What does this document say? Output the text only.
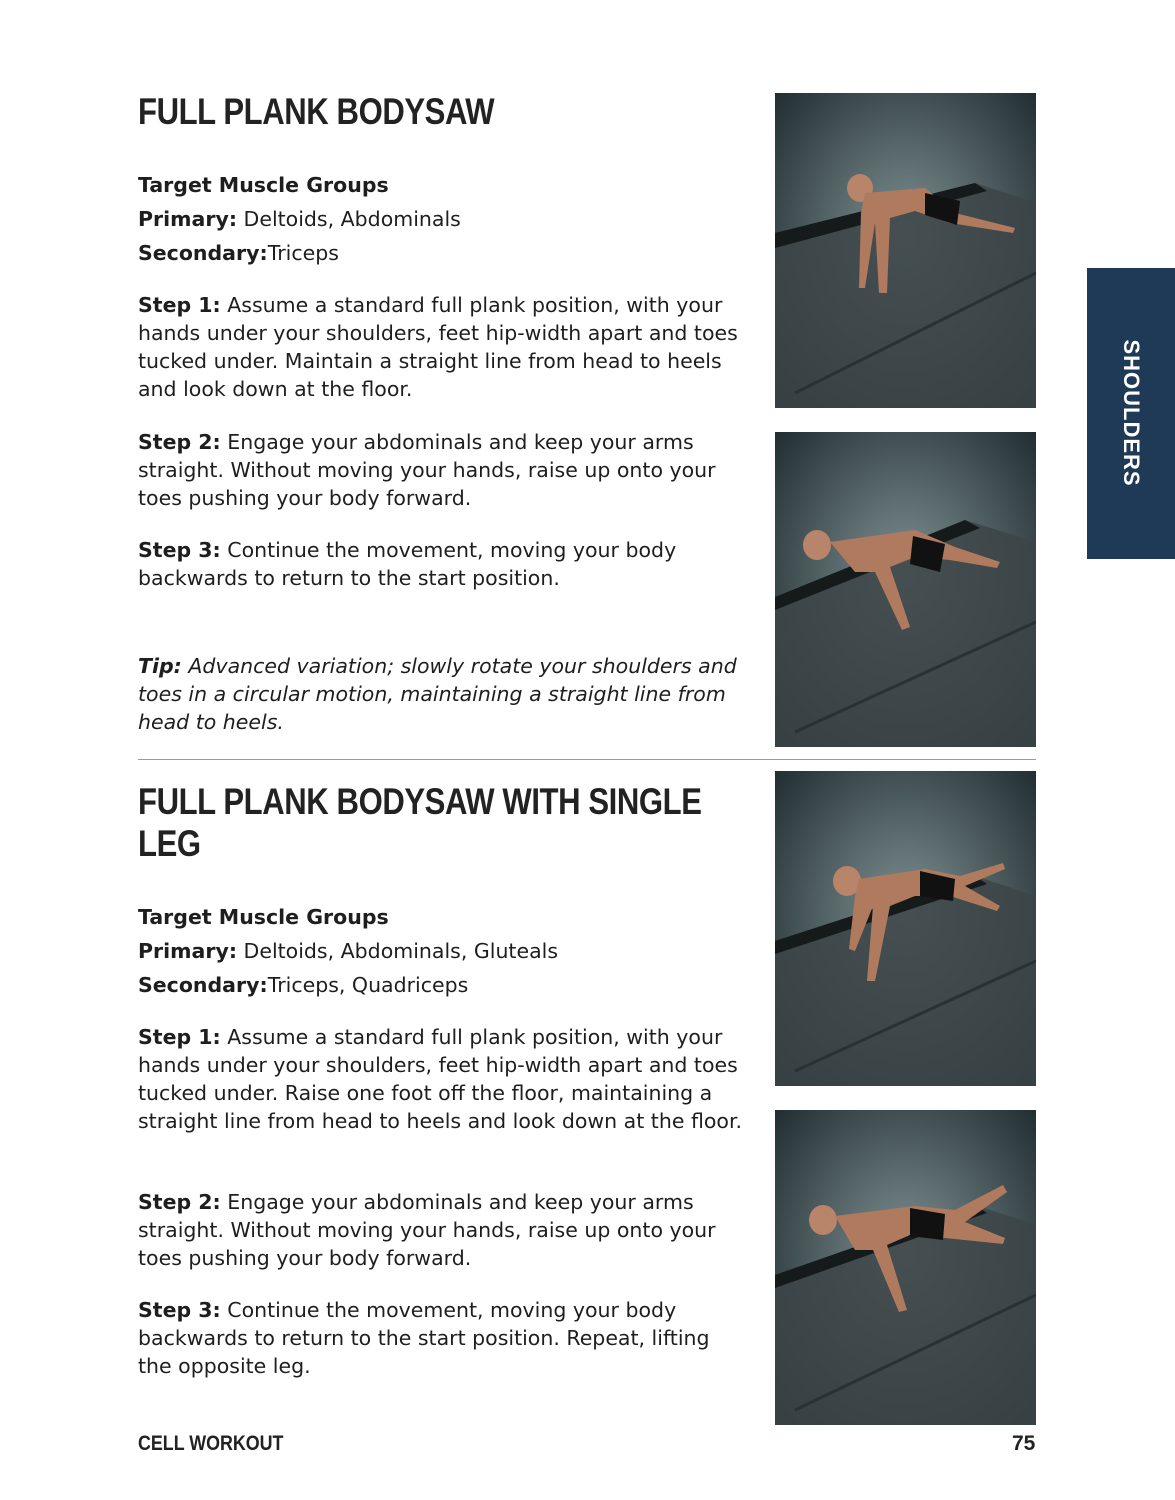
FULL PLANK BODYSAW
Target Muscle Groups
Primary: Deltoids, Abdominals
Secondary:Triceps

Step 1: Assume a standard full plank position, with your hands under your shoulders, feet hip-width apart and toes tucked under. Maintain a straight line from head to heels and look down at the floor.

Step 2: Engage your abdominals and keep your arms straight. Without moving your hands, raise up onto your toes pushing your body forward.

Step 3: Continue the movement, moving your body backwards to return to the start position.

Tip: Advanced variation; slowly rotate your shoulders and toes in a circular motion, maintaining a straight line from head to heels.

FULL PLANK BODYSAW WITH SINGLE LEG
Target Muscle Groups
Primary: Deltoids, Abdominals, Gluteals
Secondary:Triceps, Quadriceps

Step 1: Assume a standard full plank position, with your hands under your shoulders, feet hip-width apart and toes tucked under. Raise one foot off the floor, maintaining a straight line from head to heels and look down at the floor.

Step 2: Engage your abdominals and keep your arms straight. Without moving your hands, raise up onto your toes pushing your body forward.

Step 3: Continue the movement, moving your body backwards to return to the start position. Repeat, lifting the opposite leg.

SHOULDERS
CELL WORKOUT	75
